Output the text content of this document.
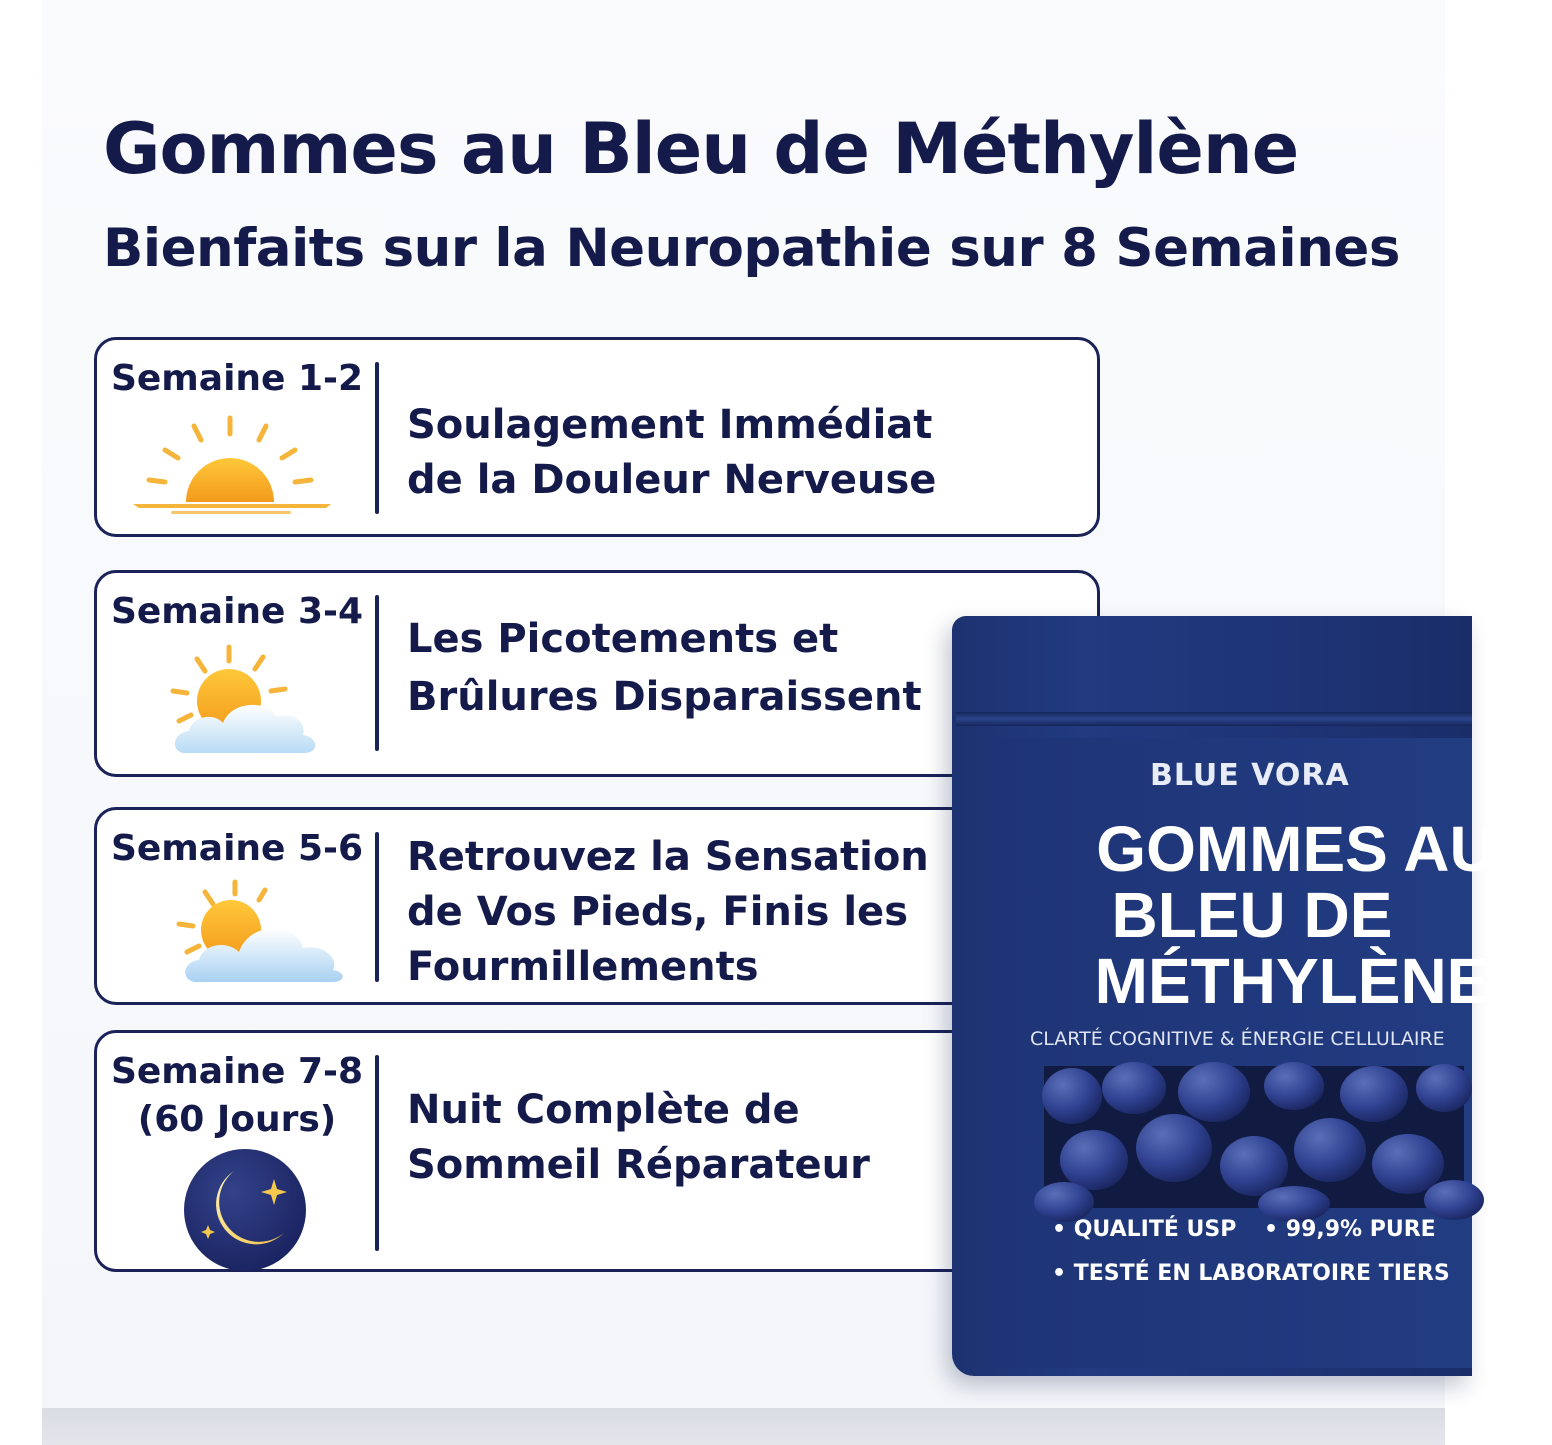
Gommes au Bleu de Méthylène
Bienfaits sur la Neuropathie sur 8 Semaines
Semaine 1-2
Soulagement Immédiat
de la Douleur Nerveuse
Semaine 3-4
Les Picotements et
Brûlures Disparaissent
Semaine 5-6	Retrouvez la Sensation
de Vos Pieds, Finis les
Fourmillements
Semaine 7-8
(60 Jours)	Nuit Complète de
Sommeil Réparateur
BLUE VORA
GOMMES AU
BLEU DE
MÉTHYLÈNE
CLARTÉ COGNITIVE & ÉNERGIE CELLULAIRE
• QUALITÉ USP • 99,9% PURE
• TESTÉ EN LABORATOIRE TIERS
